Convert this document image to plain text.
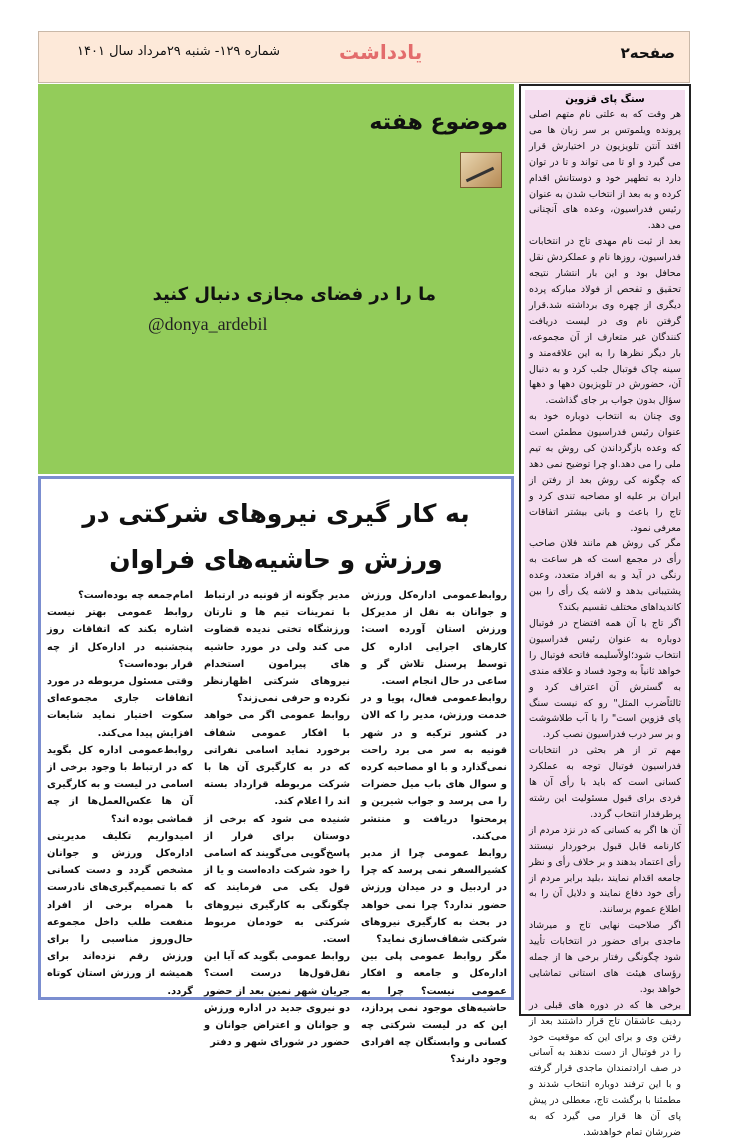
صفحه۲
یادداشت
شماره ۱۲۹- شنبه ۲۹مرداد سال ۱۴۰۱
موضوع هفته
ما را در فضای مجازی دنبال کنید
@donya_ardebil
سنگ پای قزوین

هر وقت که به علتی نام متهم اصلی پرونده ویلموتس بر سر زبان ها می افتد آنتن تلویزیون در اختیارش قرار می گیرد و او تا می تواند و تا در توان دارد به تطهیر خود و دوستانش اقدام کرده و به بعد از انتخاب شدن به عنوان رئیس فدراسیون، وعده های آنچنانی می دهد.

بعد از ثبت نام مهدی تاج در انتخابات فدراسیون، روزها نام و عملکردش نقل محافل بود و این بار انتشار نتیجه تحقیق و تفحص از فولاد مبارکه پرده دیگری از چهره وی برداشته شد.قرار گرفتن نام وی در لیست دریافت کنندگان غیر متعارف از آن مجموعه، بار دیگر نظرها را به این علاقه‌مند و سینه چاک فوتبال جلب کرد و به دنبال آن، حضورش در تلویزیون دهها و دهها سؤال بدون جواب بر جای گذاشت.

وی چنان به انتخاب دوباره خود به عنوان رئیس فدراسیون مطمئن است که وعده بازگرداندن کی روش به تیم ملی را می دهد.او چرا توضیح نمی دهد که چگونه کی روش بعد از رفتن از ایران بر علیه او مصاحبه تندی کرد و تاج را باعث و بانی بیشتر اتفاقات معرفی نمود.

مگر کی روش هم مانند فلان صاحب رأی در مجمع است که هر ساعت به رنگی در آید و به افراد متعدد، وعده پشتیبانی بدهد و لاشه یک رأی را بین کاندیداهای مختلف تقسیم بکند؟

اگر تاج با آن همه افتضاح در فوتبال دوباره به عنوان رئیس فدراسیون انتخاب شود؛اولاًسلیمه فاتحه فوتبال را خواهد ثانیاً به وجود فساد و علاقه مندی به گسترش آن اعتراف کرد و ثالثاًضرب المثل" رو که نیست سنگ پای قزوین است" را با آب طلاشوشت و بر سر درب فدراسیون نصب کرد.

مهم تر از هر بحثی در انتخابات فدراسیون فوتبال توجه به عملکرد کسانی است که باید با رأی آن ها فردی برای قبول مسئولیت این رشته پرطرفدار انتخاب گردد.

آن ها اگر به کسانی که در نزد مردم از کارنامه قابل قبول برخوردار نیستند رأی اعتماد بدهند و بر خلاف رأی و نظر جامعه اقدام نمایند ،بلید برابر مردم از رأی خود دفاع نمایند و دلایل آن را به اطلاع عموم برسانند.

اگر صلاحیت نهایی تاج و میرشاد ماجدی برای حضور در انتخابات تأیید شود چگونگی رفتار برخی ها از جمله رؤسای هیئت های استانی تماشایی خواهد بود.

برخی ها که در دوره های قبلی در ردیف عاشقان تاج قرار داشتند بعد از رفتن وی و برای این که موقعیت خود را در فوتبال از دست ندهند به آسانی در صف ارادتمندان ماجدی قرار گرفته و با این ترفند دوباره انتخاب شدند و مطمئنا با برگشت تاج، معطلی در پیش پای آن ها قرار می گیرد که به ضررشان تمام خواهدشد.

به کار گیری نیروهای شرکتی در ورزش و حاشیه‌های فراوان

روابط‌عمومی اداره‌کل ورزش و جوانان به نقل از مدیرکل ورزش استان آورده است: کارهای اجرایی اداره کل توسط پرسنل تلاش گر و ساعی در حال انجام است.
روابط‌عمومی فعال، پویا و در خدمت ورزش، مدیر را که الان در کشور ترکیه و در شهر قونیه به سر می برد راحت نمی‌گذارد و با او مصاحبه کرده و سوال های باب میل حضرات را می پرسد و جواب شیرین و پرمحتوا دریافت و منتشر می‌کند.
روابط عمومی چرا از مدیر کشیرالسفر نمی پرسد که چرا در اردبیل و در میدان ورزش حضور ندارد؟ چرا نمی خواهد در بحث به کارگیری نیروهای شرکتی شفاف‌سازی نماید؟
مگر روابط عمومی پلی بین اداره‌کل و جامعه و افکار عمومی نیست؟ چرا به حاشیه‌های موجود نمی پردازد، این که در لیست شرکتی چه کسانی و وابستگان چه افرادی وجود دارند؟

مدیر چگونه از قونیه در ارتباط با تمرینات تیم ها و تارتان ورزشگاه تختی ندیده قضاوت می کند ولی در مورد حاشیه های پیرامون استخدام نیروهای شرکتی اظهارنظر نکرده و حرفی نمی‌زند؟
روابط عمومی اگر می خواهد با افکار عمومی شفاف برخورد نماید اسامی نفراتی که در به کارگیری آن ها با شرکت مربوطه قرارداد بسته اند را اعلام کند.
شنیده می شود که برخی از دوستان برای فرار از پاسخ‌گویی می‌گویند که اسامی را خود شرکت داده‌است و یا از قول یکی می فرمایند که چگونگی به کارگیری نیروهای شرکتی به خودمان مربوط است.
روابط عمومی بگوید که آیا این نقل‌قول‌ها درست است؟ جریان شهر نمین بعد از حضور دو نیروی جدید در اداره ورزش و جوانان و اعتراض جوانان و حضور در شورای شهر و دفتر

امام‌جمعه چه بوده‌است؟
روابط عمومی بهتر نیست اشاره بکند که اتفاقات روز پنجشنبه در اداره‌کل از چه قرار بوده‌است؟
وقتی مسئول مربوطه در مورد اتفاقات جاری مجموعه‌ای سکوت اختیار نماید شایعات افزایش پیدا می‌کند.
روابط‌عمومی اداره کل بگوید که در ارتباط با وجود برخی از اسامی در لیست و به کارگیری آن ها عکس‌العمل‌ها از چه قماشی بوده اند؟
امیدواریم تکلیف مدیریتی اداره‌کل ورزش و جوانان مشخص گردد و دست کسانی که با تصمیم‌گیری‌های نادرست با همراه برخی از افراد منفعت طلب داخل مجموعه حال‌وروز مناسبی را برای ورزش رقم نزده‌اند برای همیشه از ورزش استان کوتاه گردد.
